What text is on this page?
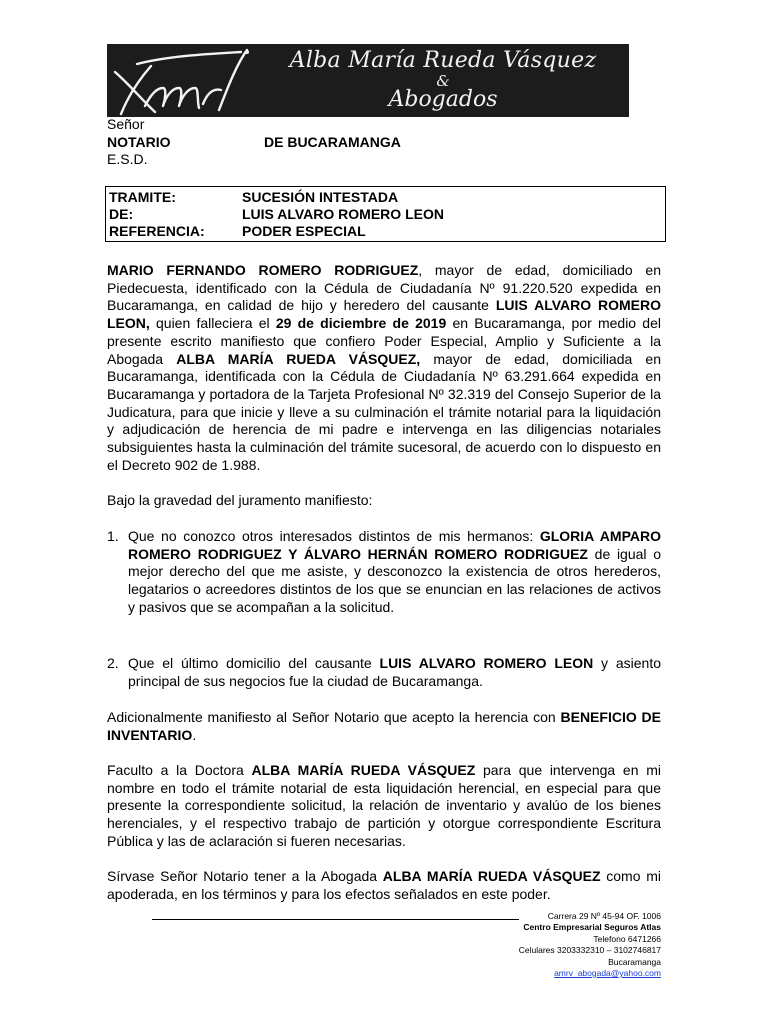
Alba María Rueda Vásquez
&
Abogados
Señor
NOTARIO	DE BUCARAMANGA
E.S.D.
TRAMITE:	SUCESIÓN INTESTADA
DE:	LUIS ALVARO ROMERO LEON
REFERENCIA:	PODER ESPECIAL
MARIO FERNANDO ROMERO RODRIGUEZ, mayor de edad, domiciliado en Piedecuesta, identificado con la Cédula de Ciudadanía Nº 91.220.520 expedida en Bucaramanga, en calidad de hijo y heredero del causante LUIS ALVARO ROMERO LEON, quien falleciera el 29 de diciembre de 2019 en Bucaramanga, por medio del presente escrito manifiesto que confiero Poder Especial, Amplio y Suficiente a la Abogada ALBA MARÍA RUEDA VÁSQUEZ, mayor de edad, domiciliada en Bucaramanga, identificada con la Cédula de Ciudadanía Nº 63.291.664 expedida en Bucaramanga y portadora de la Tarjeta Profesional Nº 32.319 del Consejo Superior de la Judicatura, para que inicie y lleve a su culminación el trámite notarial para la liquidación y adjudicación de herencia de mi padre e intervenga en las diligencias notariales subsiguientes hasta la culminación del trámite sucesoral, de acuerdo con lo dispuesto en el Decreto 902 de 1.988.
Bajo la gravedad del juramento manifiesto:
1. Que no conozco otros interesados distintos de mis hermanos: GLORIA AMPARO ROMERO RODRIGUEZ Y ÁLVARO HERNÁN ROMERO RODRIGUEZ de igual o mejor derecho del que me asiste, y desconozco la existencia de otros herederos, legatarios o acreedores distintos de los que se enuncian en las relaciones de activos y pasivos que se acompañan a la solicitud.
2. Que el último domicilio del causante LUIS ALVARO ROMERO LEON y asiento principal de sus negocios fue la ciudad de Bucaramanga.
Adicionalmente manifiesto al Señor Notario que acepto la herencia con BENEFICIO DE INVENTARIO.
Faculto a la Doctora ALBA MARÍA RUEDA VÁSQUEZ para que intervenga en mi nombre en todo el trámite notarial de esta liquidación herencial, en especial para que presente la correspondiente solicitud, la relación de inventario y avalúo de los bienes herenciales, y el respectivo trabajo de partición y otorgue correspondiente Escritura Pública y las de aclaración si fueren necesarias.
Sírvase Señor Notario tener a la Abogada ALBA MARÍA RUEDA VÁSQUEZ como mi apoderada, en los términos y para los efectos señalados en este poder.
Carrera 29 Nº 45-94 OF. 1006
Centro Empresarial Seguros Atlas
Telefono 6471266
Celulares 3203332310 – 3102746817
Bucaramanga
amrv_abogada@yahoo.com
